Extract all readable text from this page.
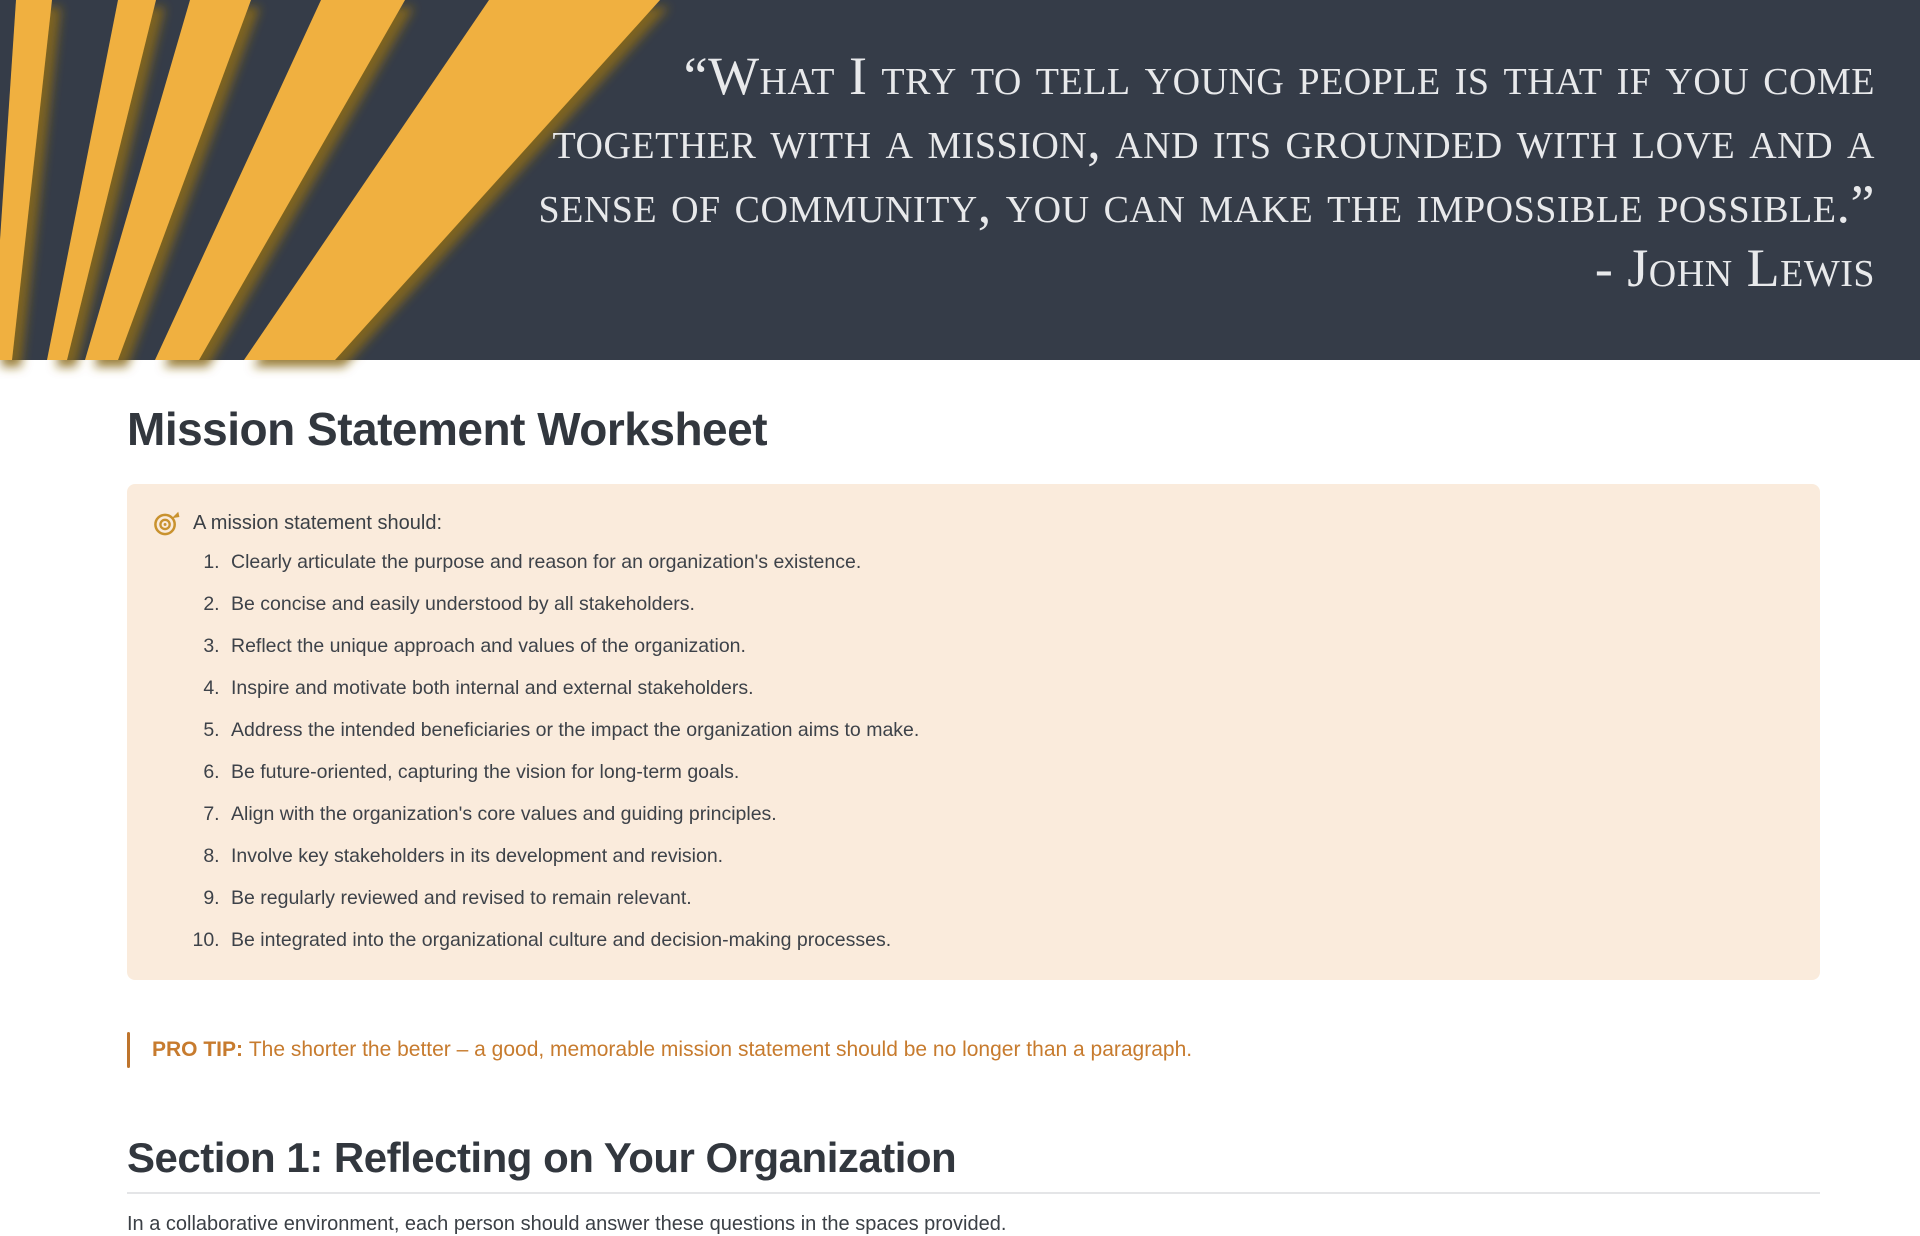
“What I try to tell young people is that if you come
together with a mission, and its grounded with love and a
sense of community, you can make the impossible possible.”
- John Lewis
Mission Statement Worksheet
A mission statement should:
1. Clearly articulate the purpose and reason for an organization's existence.
2. Be concise and easily understood by all stakeholders.
3. Reflect the unique approach and values of the organization.
4. Inspire and motivate both internal and external stakeholders.
5. Address the intended beneficiaries or the impact the organization aims to make.
6. Be future-oriented, capturing the vision for long-term goals.
7. Align with the organization's core values and guiding principles.
8. Involve key stakeholders in its development and revision.
9. Be regularly reviewed and revised to remain relevant.
10. Be integrated into the organizational culture and decision-making processes.

PRO TIP: The shorter the better – a good, memorable mission statement should be no longer than a paragraph.

Section 1: Reflecting on Your Organization

In a collaborative environment, each person should answer these questions in the spaces provided.
